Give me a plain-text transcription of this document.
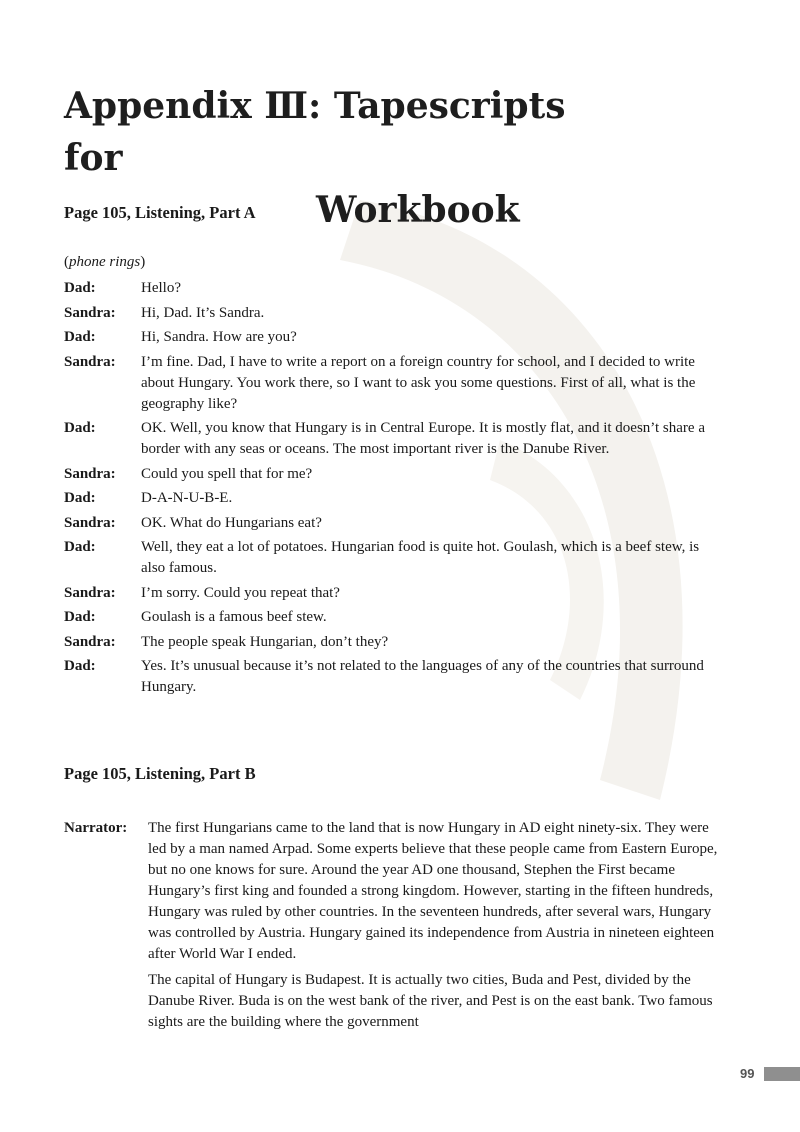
Appendix Ⅲ: Tapescripts for
Workbook
Page 105, Listening, Part A
(phone rings)
Dad:	Hello?
Sandra:	Hi, Dad. It’s Sandra.
Dad:	Hi, Sandra. How are you?
Sandra:	I’m fine. Dad, I have to write a report on a foreign country for school, and I decided to write about Hungary. You work there, so I want to ask you some questions. First of all, what is the geography like?
Dad:	OK. Well, you know that Hungary is in Central Europe. It is mostly flat, and it doesn’t share a border with any seas or oceans. The most important river is the Danube River.
Sandra:	Could you spell that for me?
Dad:	D-A-N-U-B-E.
Sandra:	OK. What do Hungarians eat?
Dad:	Well, they eat a lot of potatoes. Hungarian food is quite hot. Goulash, which is a beef stew, is also famous.
Sandra:	I’m sorry. Could you repeat that?
Dad:	Goulash is a famous beef stew.
Sandra:	The people speak Hungarian, don’t they?
Dad:	Yes. It’s unusual because it’s not related to the languages of any of the countries that surround Hungary.
Page 105, Listening, Part B
Narrator:	The first Hungarians came to the land that is now Hungary in AD eight ninety-six. They were led by a man named Arpad. Some experts believe that these people came from Eastern Europe, but no one knows for sure. Around the year AD one thousand, Stephen the First became Hungary’s first king and founded a strong kingdom. However, starting in the fifteen hundreds, Hungary was ruled by other countries. In the seventeen hundreds, after several wars, Hungary was controlled by Austria. Hungary gained its independence from Austria in nineteen eighteen after World War I ended.

The capital of Hungary is Budapest. It is actually two cities, Buda and Pest, divided by the Danube River. Buda is on the west bank of the river, and Pest is on the east bank. Two famous sights are the building where the government

99
